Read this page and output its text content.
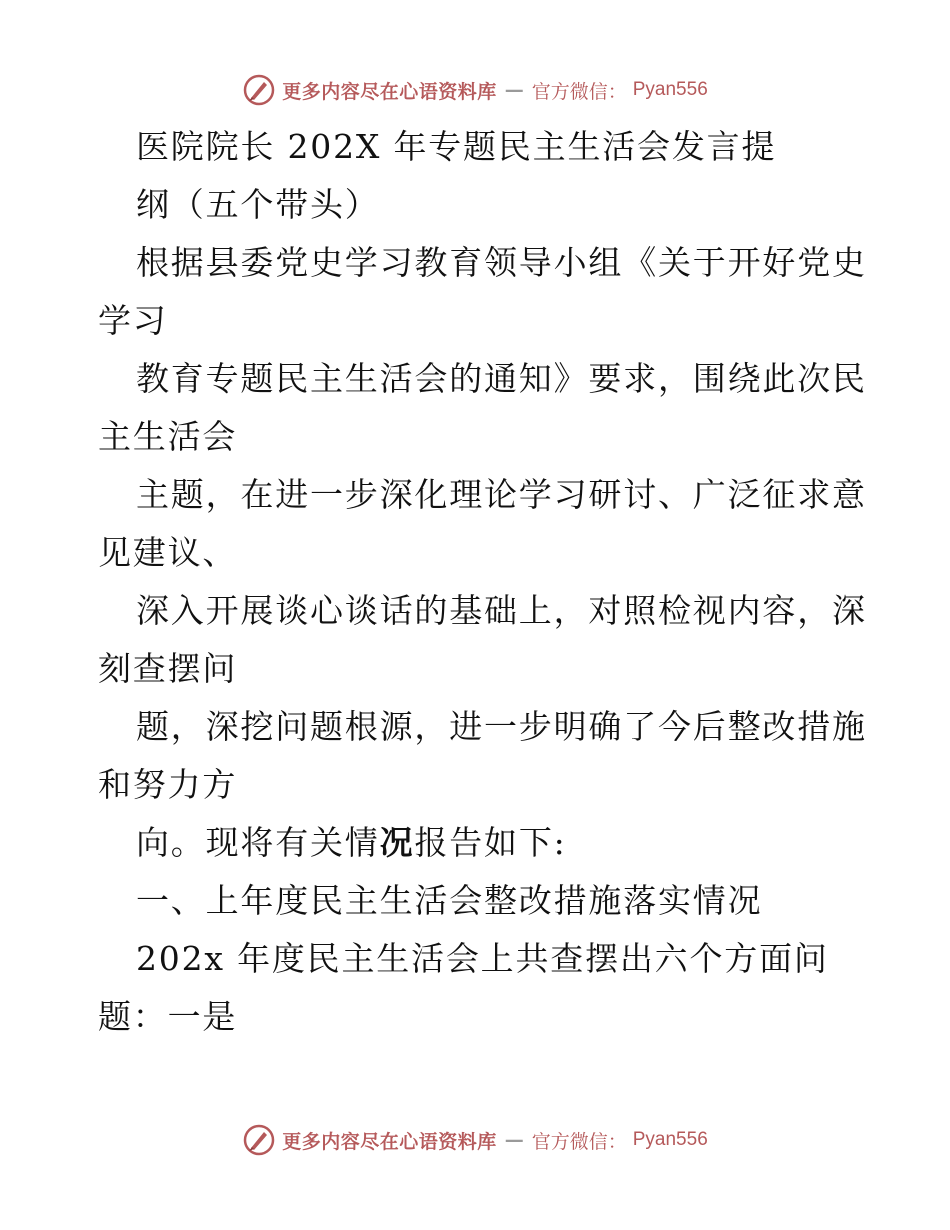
更多内容尽在心语资料库 — 官方微信： Pyan556
医院院长 202X 年专题民主生活会发言提
纲（五个带头）
根据县委党史学习教育领导小组《关于开好党史
学习
教育专题民主生活会的通知》要求，围绕此次民
主生活会
主题，在进一步深化理论学习研讨、广泛征求意
见建议、
深入开展谈心谈话的基础上，对照检视内容，深
刻查摆问
题，深挖问题根源，进一步明确了今后整改措施
和努力方
向。现将有关情况报告如下:
一、上年度民主生活会整改措施落实情况
202x 年度民主生活会上共查摆出六个方面问
题：一是
更多内容尽在心语资料库 — 官方微信： Pyan556
